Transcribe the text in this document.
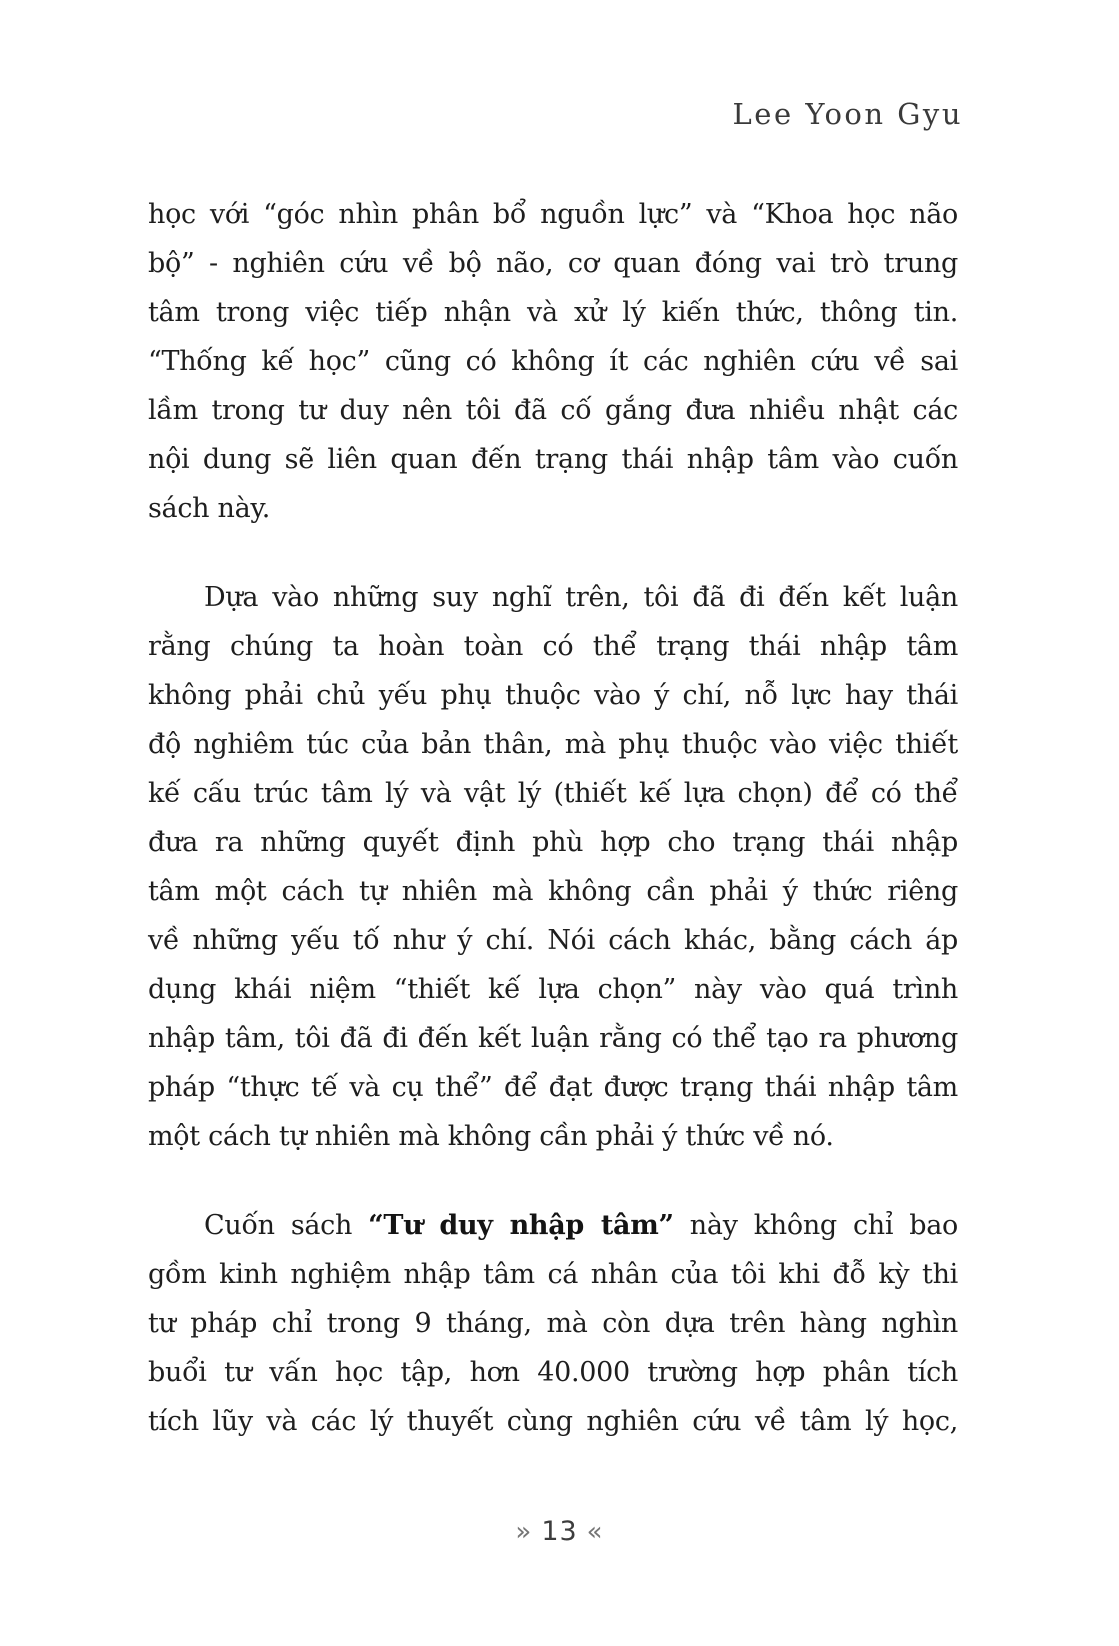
Lee Yoon Gyu
học với “góc nhìn phân bổ nguồn lực” và “Khoa học não
bộ” - nghiên cứu về bộ não, cơ quan đóng vai trò trung
tâm trong việc tiếp nhận và xử lý kiến thức, thông tin.
“Thống kế học” cũng có không ít các nghiên cứu về sai
lầm trong tư duy nên tôi đã cố gắng đưa nhiều nhật các
nội dung sẽ liên quan đến trạng thái nhập tâm vào cuốn
sách này.
Dựa vào những suy nghĩ trên, tôi đã đi đến kết luận
rằng chúng ta hoàn toàn có thể trạng thái nhập tâm
không phải chủ yếu phụ thuộc vào ý chí, nỗ lực hay thái
độ nghiêm túc của bản thân, mà phụ thuộc vào việc thiết
kế cấu trúc tâm lý và vật lý (thiết kế lựa chọn) để có thể
đưa ra những quyết định phù hợp cho trạng thái nhập
tâm một cách tự nhiên mà không cần phải ý thức riêng
về những yếu tố như ý chí. Nói cách khác, bằng cách áp
dụng khái niệm “thiết kế lựa chọn” này vào quá trình
nhập tâm, tôi đã đi đến kết luận rằng có thể tạo ra phương
pháp “thực tế và cụ thể” để đạt được trạng thái nhập tâm
một cách tự nhiên mà không cần phải ý thức về nó.
Cuốn sách “Tư duy nhập tâm” này không chỉ bao
gồm kinh nghiệm nhập tâm cá nhân của tôi khi đỗ kỳ thi
tư pháp chỉ trong 9 tháng, mà còn dựa trên hàng nghìn
buổi tư vấn học tập, hơn 40.000 trường hợp phân tích
tích lũy và các lý thuyết cùng nghiên cứu về tâm lý học,
» 13 «
